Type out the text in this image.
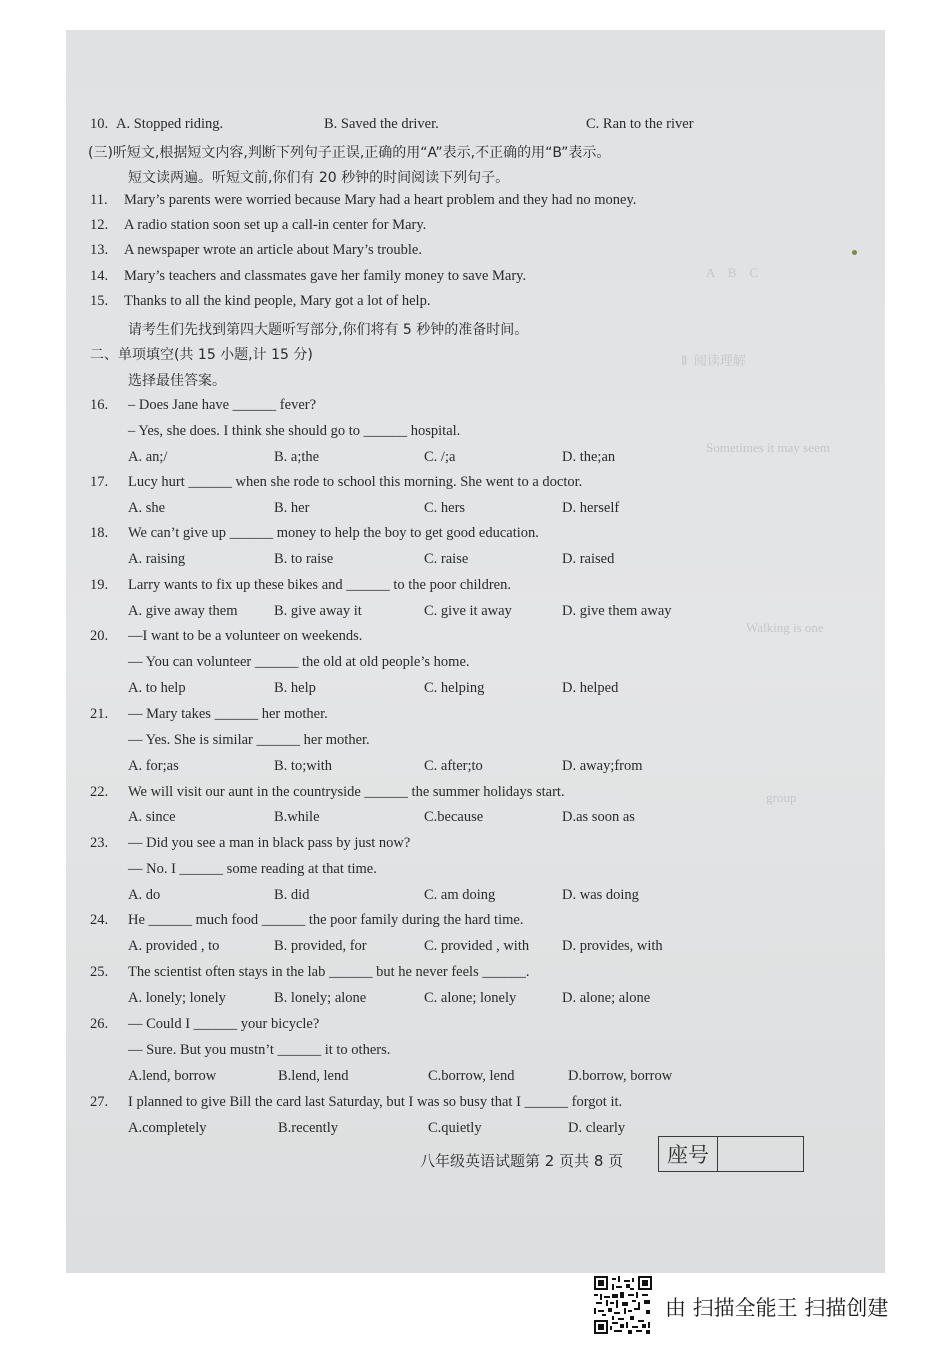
A    B    C
Ⅱ  阅读理解
Sometimes it may seem
Walking is one
group
10. A. Stopped riding.	B. Saved the driver.	C. Ran to the river
(三)听短文,根据短文内容,判断下列句子正误,正确的用“A”表示,不正确的用“B”表示。
短文读两遍。听短文前,你们有 20 秒钟的时间阅读下列句子。
11. Mary’s parents were worried because Mary had a heart problem and they had no money.
12. A radio station soon set up a call-in center for Mary.
13. A newspaper wrote an article about Mary’s trouble.
14. Mary’s teachers and classmates gave her family money to save Mary.
15. Thanks to all the kind people, Mary got a lot of help.
请考生们先找到第四大题听写部分,你们将有 5 秒钟的准备时间。
二、单项填空(共 15 小题,计 15 分)
选择最佳答案。
16. – Does Jane have ______ fever?
– Yes, she does. I think she should go to ______ hospital.
A. an;/	B. a;the	C. /;a	D. the;an
17. Lucy hurt ______ when she rode to school this morning. She went to a doctor.
A. she	B. her	C. hers	D. herself
18. We can’t give up ______ money to help the boy to get good education.
A. raising	B. to raise	C. raise	D. raised
19. Larry wants to fix up these bikes and ______ to the poor children.
A. give away them	B. give away it	C. give it away	D. give them away
20. —I want to be a volunteer on weekends.
— You can volunteer ______ the old at old people’s home.
A. to help	B. help	C. helping	D. helped
21. — Mary takes ______ her mother.
— Yes. She is similar ______ her mother.
A. for;as	B. to;with	C. after;to	D. away;from
22. We will visit our aunt in the countryside ______ the summer holidays start.
A. since	B.while	C.because	D.as soon as
23. — Did you see a man in black pass by just now?
— No. I ______ some reading at that time.
A. do	B. did	C. am doing	D. was doing
24. He ______ much food ______ the poor family during the hard time.
A. provided , to	B. provided, for	C. provided , with D. provides, with
25. The scientist often stays in the lab ______ but he never feels ______.
A. lonely; lonely	B. lonely; alone	C. alone; lonely	D. alone; alone
26. — Could I ______ your bicycle?
— Sure. But you mustn’t ______ it to others.
A.lend, borrow	B.lend, lend	C.borrow, lend	D.borrow, borrow
27. I planned to give Bill the card last Saturday, but I was so busy that I ______ forgot it.
A.completely	B.recently	C.quietly	D. clearly
八年级英语试题第 2 页共 8 页	座号
由 扫描全能王 扫描创建
